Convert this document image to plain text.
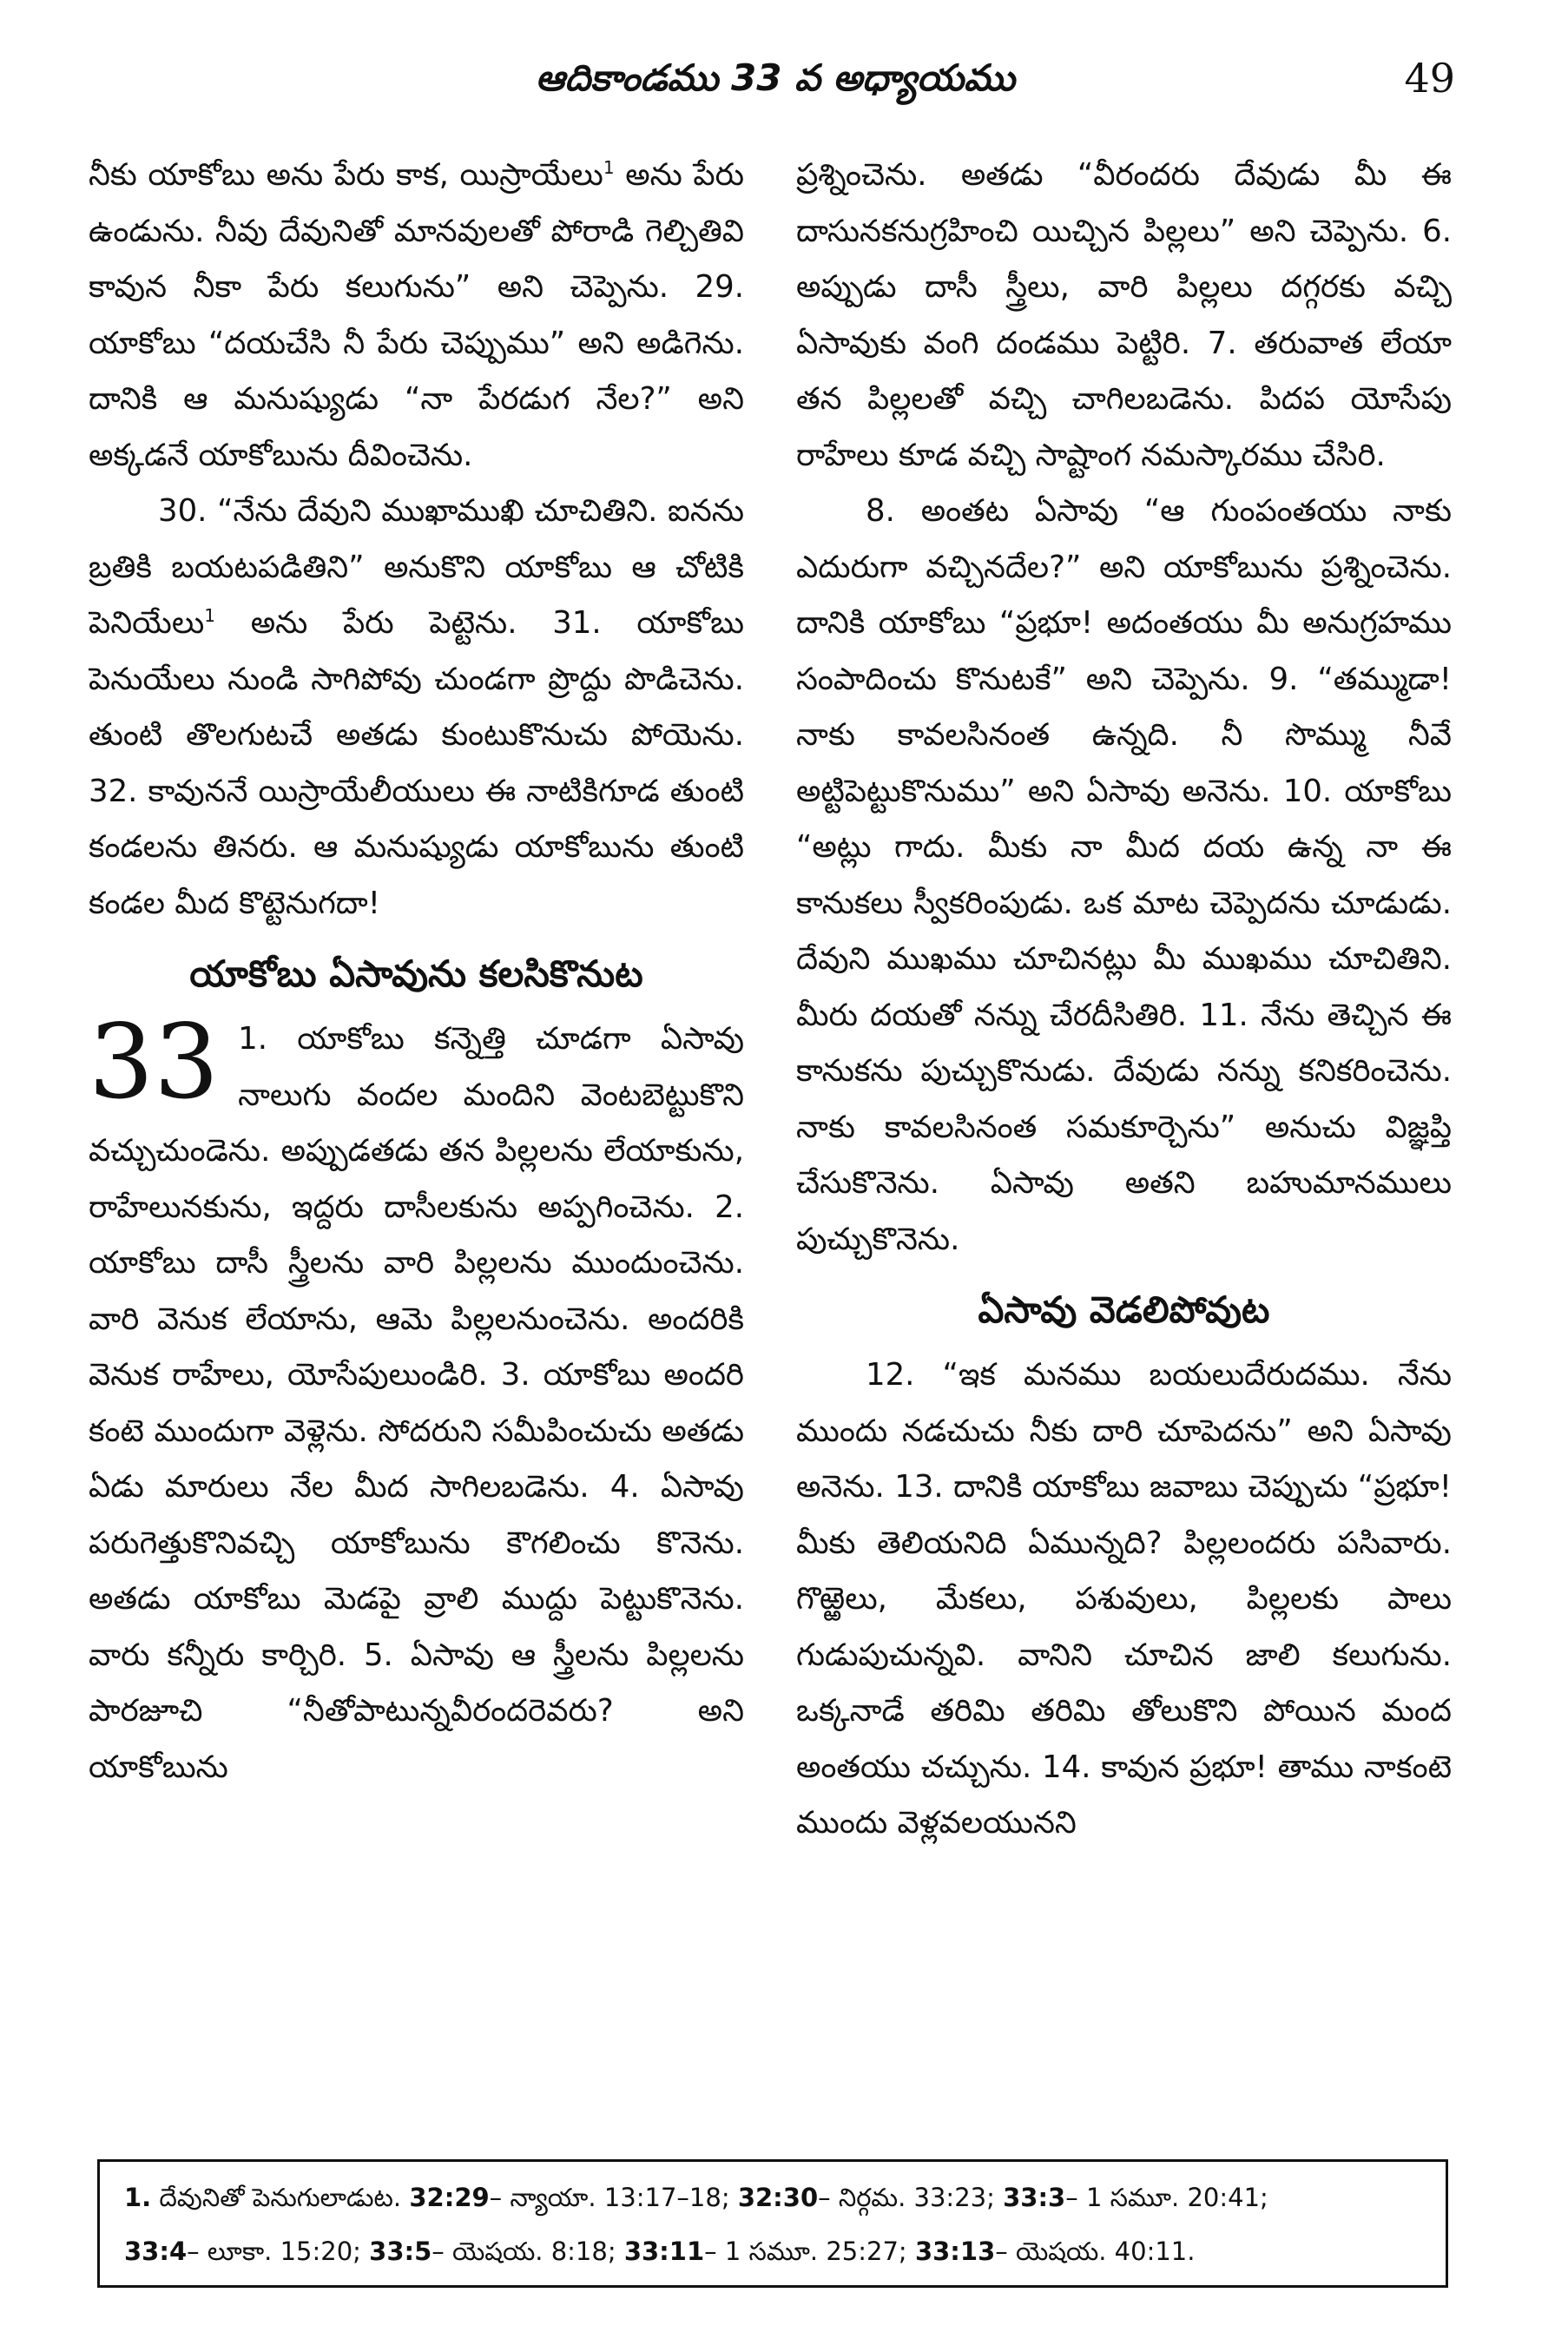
ఆదికాండము 33 వ అధ్యాయము	49

నీకు యాకోబు అను పేరు కాక, యిస్రాయేలు$^1$ అను పేరు ఉండును. నీవు దేవునితో మానవులతో పోరాడి గెల్చితివి కావున నీకా పేరు కలుగును” అని చెప్పెను. 29. యాకోబు “దయచేసి నీ పేరు చెప్పుము” అని అడిగెను. దానికి ఆ మనుష్యుడు “నా పేరడుగ నేల?” అని అక్కడనే యాకోబును దీవించెను.

30. “నేను దేవుని ముఖాముఖి చూచితిని. ఐనను బ్రతికి బయటపడితిని” అనుకొని యాకోబు ఆ చోటికి పెనియేలు$^1$ అను పేరు పెట్టెను. 31. యాకోబు పెనుయేలు నుండి సాగిపోవు చుండగా ప్రొద్దు పొడిచెను. తుంటి తొలగుటచే అతడు కుంటుకొనుచు పోయెను. 32. కావుననే యిస్రాయేలీయులు ఈ నాటికిగూడ తుంటి కండలను తినరు. ఆ మనుష్యుడు యాకోబును తుంటి కండల మీద కొట్టెనుగదా!

యాకోబు ఏసావును కలసికొనుట

33 1. యాకోబు కన్నెత్తి చూడగా ఏసావు నాలుగు వందల మందిని వెంటబెట్టుకొని వచ్చుచుండెను. అప్పుడతడు తన పిల్లలను లేయాకును, రాహేలునకును, ఇద్దరు దాసీలకును అప్పగించెను. 2. యాకోబు దాసీ స్త్రీలను వారి పిల్లలను ముందుంచెను. వారి వెనుక లేయాను, ఆమె పిల్లలనుంచెను. అందరికి వెనుక రాహేలు, యోసేపులుండిరి. 3. యాకోబు అందరి కంటె ముందుగా వెళ్లెను. సోదరుని సమీపించుచు అతడు ఏడు మారులు నేల మీద సాగిలబడెను. 4. ఏసావు పరుగెత్తుకొనివచ్చి యాకోబును కౌగలించు కొనెను. అతడు యాకోబు మెడపై వ్రాలి ముద్దు పెట్టుకొనెను. వారు కన్నీరు కార్చిరి. 5. ఏసావు ఆ స్త్రీలను పిల్లలను పారజూచి “నీతోపాటున్నవీరందరెవరు? అని యాకోబును

ప్రశ్నించెను. అతడు “వీరందరు దేవుడు మీ ఈ దాసునకనుగ్రహించి యిచ్చిన పిల్లలు” అని చెప్పెను. 6. అప్పుడు దాసీ స్త్రీలు, వారి పిల్లలు దగ్గరకు వచ్చి ఏసావుకు వంగి దండము పెట్టిరి. 7. తరువాత లేయా తన పిల్లలతో వచ్చి చాగిలబడెను. పిదప యోసేపు రాహేలు కూడ వచ్చి సాష్టాంగ నమస్కారము చేసిరి.

8. అంతట ఏసావు “ఆ గుంపంతయు నాకు ఎదురుగా వచ్చినదేల?” అని యాకోబును ప్రశ్నించెను. దానికి యాకోబు “ప్రభూ! అదంతయు మీ అనుగ్రహము సంపాదించు కొనుటకే” అని చెప్పెను. 9. “తమ్ముడా! నాకు కావలసినంత ఉన్నది. నీ సొమ్ము నీవే అట్టిపెట్టుకొనుము” అని ఏసావు అనెను. 10. యాకోబు “అట్లు గాదు. మీకు నా మీద దయ ఉన్న నా ఈ కానుకలు స్వీకరింపుడు. ఒక మాట చెప్పెదను చూడుడు. దేవుని ముఖము చూచినట్లు మీ ముఖము చూచితిని. మీరు దయతో నన్ను చేరదీసితిరి. 11. నేను తెచ్చిన ఈ కానుకను పుచ్చుకొనుడు. దేవుడు నన్ను కనికరించెను. నాకు కావలసినంత సమకూర్చెను” అనుచు విజ్ఞప్తి చేసుకొనెను. ఏసావు అతని బహుమానములు పుచ్చుకొనెను.

ఏసావు వెడలిపోవుట

12. “ఇక మనము బయలుదేరుదము. నేను ముందు నడచుచు నీకు దారి చూపెదను” అని ఏసావు అనెను. 13. దానికి యాకోబు జవాబు చెప్పుచు “ప్రభూ! మీకు తెలియనిది ఏమున్నది? పిల్లలందరు పసివారు. గొఱ్ఱెలు, మేకలు, పశువులు, పిల్లలకు పాలు గుడుపుచున్నవి. వానిని చూచిన జాలి కలుగును. ఒక్కనాడే తరిమి తరిమి తోలుకొని పోయిన మంద అంతయు చచ్చును. 14. కావున ప్రభూ! తాము నాకంటె ముందు వెళ్లవలయునని

1. దేవునితో పెనుగులాడుట. 32:29– న్యాయా. 13:17–18; 32:30– నిర్గమ. 33:23; 33:3– 1 సమూ. 20:41;

33:4– లూకా. 15:20; 33:5– యెషయ. 8:18; 33:11– 1 సమూ. 25:27; 33:13– యెషయ. 40:11.
